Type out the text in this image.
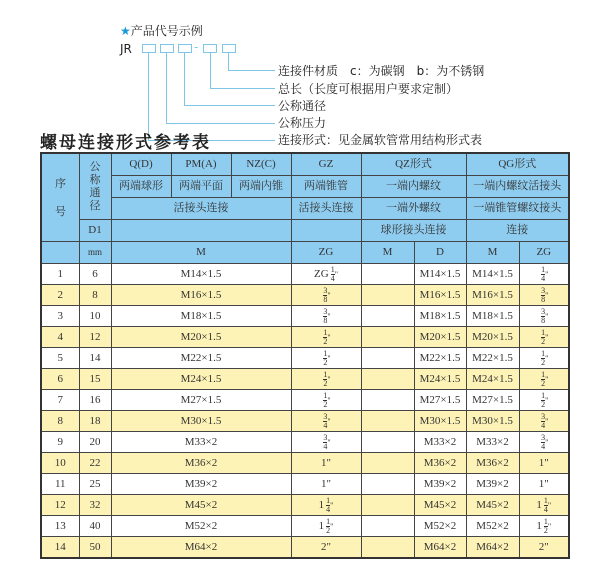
★产品代号示例
JR	-
连接件材质　c：为碳钢　b：为不锈钢
总长（长度可根据用户要求定制）
公称通径
公称压力
螺母连接形式参考表
序号	公称通径	Q(D)	PM(A)	NZ(C)	GZ	QZ形式		QG形式	
		两端球形	两端平面	两端内锥	两端锥管	一端内螺纹		一端内螺纹活接头	
		活接头连接			活接头连接	一端外螺纹		一端锥管螺纹接头	
	D1					球形接头连接		连接	
	mm	M			ZG	M	D	M	ZG
1	6	M14×1.5			ZG $\frac{1}{4}$ "		M14×1.5	M14×1.5	$\frac{1}{4}$ "
2	8	M16×1.5			$\frac{3}{8}$ "		M16×1.5	M16×1.5	$\frac{3}{8}$ "
3	10	M18×1.5			$\frac{3}{8}$ "		M18×1.5	M18×1.5	$\frac{3}{8}$ "
4	12	M20×1.5			$\frac{1}{2}$ "		M20×1.5	M20×1.5	$\frac{1}{2}$ "
5	14	M22×1.5			$\frac{1}{2}$ "		M22×1.5	M22×1.5	$\frac{1}{2}$ "
6	15	M24×1.5			$\frac{1}{2}$ "		M24×1.5	M24×1.5	$\frac{1}{2}$ "
7	16	M27×1.5			$\frac{1}{2}$ "		M27×1.5	M27×1.5	$\frac{1}{2}$ "
8	18	M30×1.5			$\frac{3}{4}$ "		M30×1.5	M30×1.5	$\frac{3}{4}$ "
9	20	M33×2			$\frac{3}{4}$ "		M33×2	M33×2	$\frac{3}{4}$ "
10	22	M36×2			1"		M36×2	M36×2	1"
11	25	M39×2			1"		M39×2	M39×2	1"
12	32	M45×2			$1 \frac{1}{4}$ "		M45×2	M45×2	$1 \frac{1}{4}$ "
13	40	M52×2			$1 \frac{1}{2}$ "		M52×2	M52×2	$1 \frac{1}{2}$ "
14	50	M64×2			2"		M64×2	M64×2	2"
连接形式：见金属软管常用结构形式表
